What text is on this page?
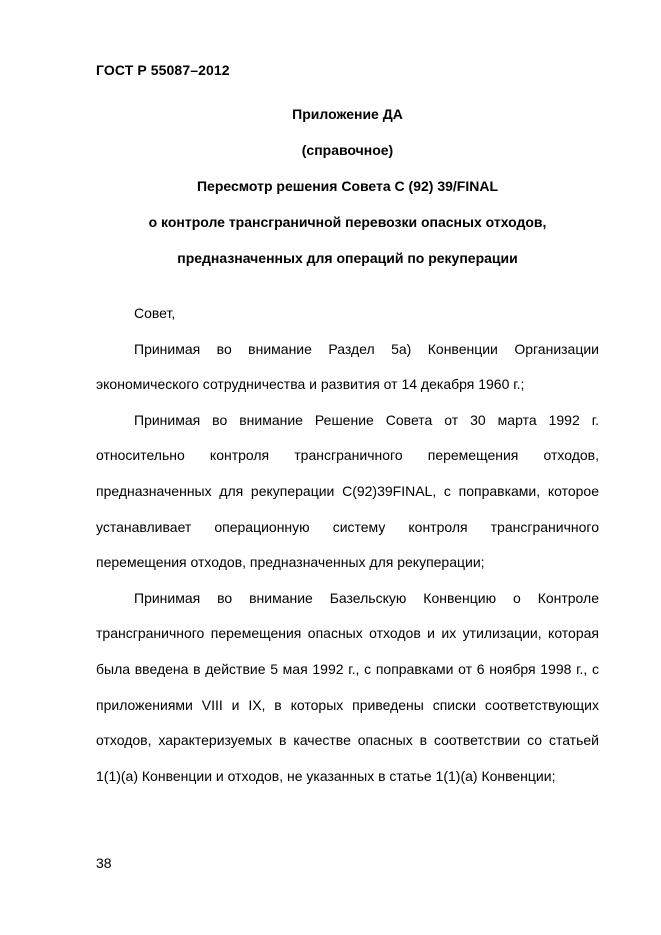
ГОСТ Р 55087–2012
Приложение ДА
(справочное)
Пересмотр решения Совета С (92) 39/FINAL
о контроле трансграничной перевозки опасных отходов,
предназначенных для операций по рекуперации

Совет,

Принимая во внимание Раздел 5а) Конвенции Организации экономического сотрудничества и развития от 14 декабря 1960 г.;

Принимая во внимание Решение Совета от 30 марта 1992 г. относительно контроля трансграничного перемещения отходов, предназначенных для рекуперации С(92)39FINAL, с поправками, которое устанавливает операционную систему контроля трансграничного перемещения отходов, предназначенных для рекуперации;

Принимая во внимание Базельскую Конвенцию о Контроле трансграничного перемещения опасных отходов и их утилизации, которая была введена в действие 5 мая 1992 г., с поправками от 6 ноября 1998 г., с приложениями VIII и IX, в которых приведены списки соответствующих отходов, характеризуемых в качестве опасных в соответствии со статьей 1(1)(а) Конвенции и отходов, не указанных в статье 1(1)(а) Конвенции;

38
